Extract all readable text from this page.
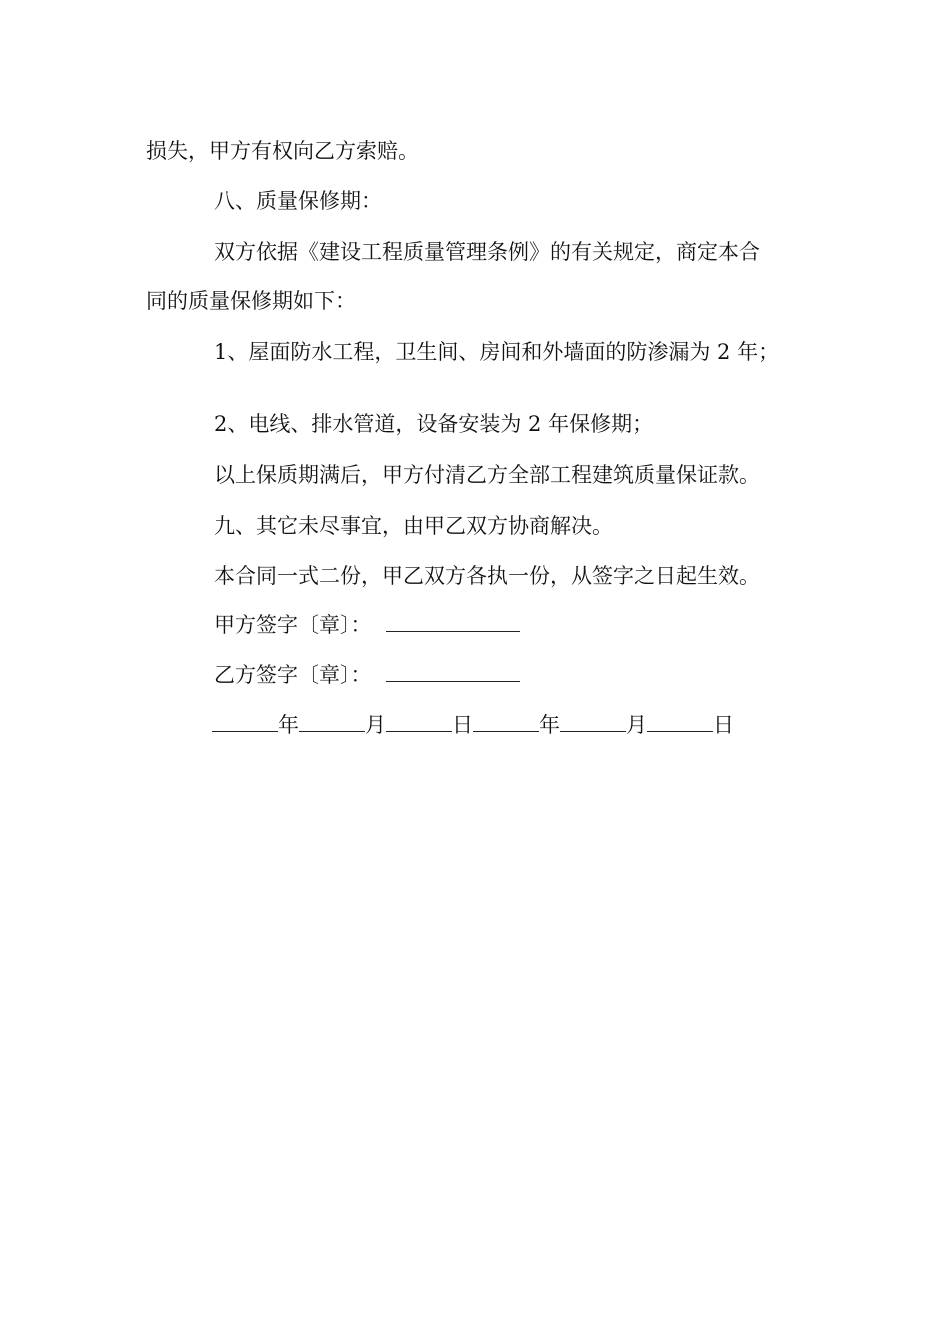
损失，甲方有权向乙方索赔。
八、质量保修期：
双方依据《建设工程质量管理条例》的有关规定，商定本合
同的质量保修期如下：
1、屋面防水工程，卫生间、房间和外墙面的防渗漏为 2 年；
2、电线、排水管道，设备安装为 2 年保修期；
以上保质期满后，甲方付清乙方全部工程建筑质量保证款。
九、其它未尽事宜，由甲乙双方协商解决。
本合同一式二份，甲乙双方各执一份，从签字之日起生效。
甲方签字〔章〕：
乙方签字〔章〕：
年	月	日	年	月	日
